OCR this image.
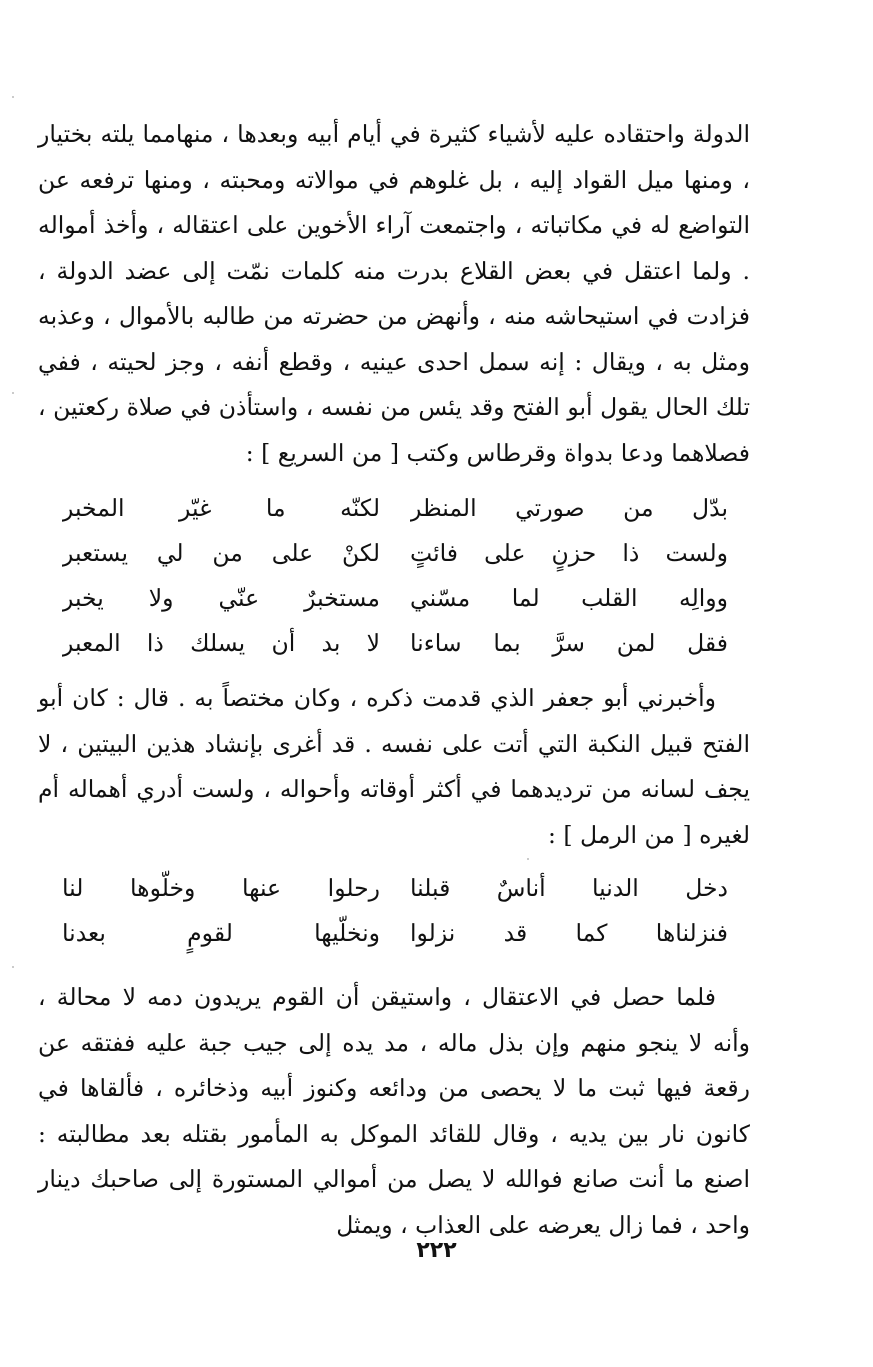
الدولة واحتقاده عليه لأشياء كثيرة في أيام أبيه وبعدها ، منهامما يلته بختيار ، ومنها ميل القواد إليه ، بل غلوهم في موالاته ومحبته ، ومنها ترفعه عن التواضع له في مكاتباته ، واجتمعت آراء الأخوين على اعتقاله ، وأخذ أمواله . ولما اعتقل في بعض القلاع بدرت منه كلمات نمّت إلى عضد الدولة ، فزادت في استيحاشه منه ، وأنهض من حضرته من طالبه بالأموال ، وعذبه ومثل به ، ويقال : إنه سمل احدى عينيه ، وقطع أنفه ، وجز لحيته ، ففي تلك الحال يقول أبو الفتح وقد يئس من نفسه ، واستأذن في صلاة ركعتين ، فصلاهما ودعا بدواة وقرطاس وكتب [ من السريع ] :

بدّل من صورتي المنظر
لكنّه ما غيّر المخبر
ولست ذا حزنٍ على فائتٍ
لكنْ على من لي يستعبر
ووالِه القلب لما مسّني
مستخبرٌ عنّي ولا يخبر
فقل لمن سرَّ بما ساءنا
لا بد أن يسلك ذا المعبر

وأخبرني أبو جعفر الذي قدمت ذكره ، وكان مختصاً به . قال : كان أبو الفتح قبيل النكبة التي أتت على نفسه . قد أغرى بإنشاد هذين البيتين ، لا يجف لسانه من ترديدهما في أكثر أوقاته وأحواله ، ولست أدري أهماله أم لغيره [ من الرمل ] :

دخل الدنيا أناسٌ قبلنا
رحلوا عنها وخلّوها لنا
فنزلناها كما قد نزلوا
ونخلّيها لقومٍ بعدنا

فلما حصل في الاعتقال ، واستيقن أن القوم يريدون دمه لا محالة ، وأنه لا ينجو منهم وإن بذل ماله ، مد يده إلى جيب جبة عليه ففتقه عن رقعة فيها ثبت ما لا يحصى من ودائعه وكنوز أبيه وذخائره ، فألقاها في كانون نار بين يديه ، وقال للقائد الموكل به المأمور بقتله بعد مطالبته : اصنع ما أنت صانع فوالله لا يصل من أموالي المستورة إلى صاحبك دينار واحد ، فما زال يعرضه على العذاب ، ويمثل

٢٢٢
